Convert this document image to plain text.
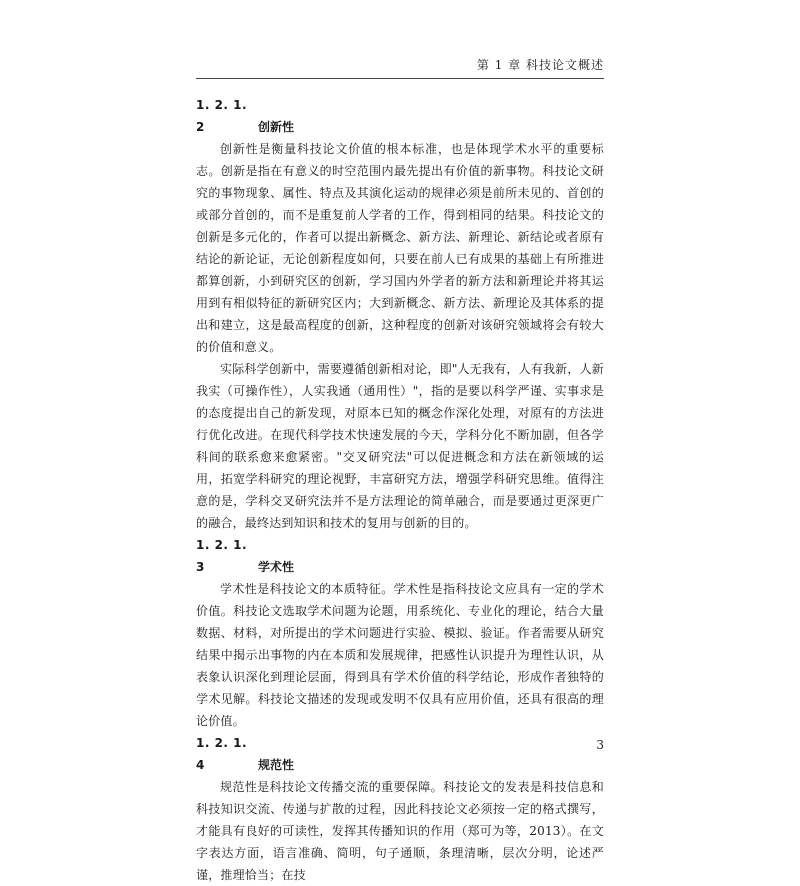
第 1 章 科技论文概述
1. 2. 1. 2	创新性

创新性是衡量科技论文价值的根本标准，也是体现学术水平的重要标志。创新是指在有意义的时空范围内最先提出有价值的新事物。科技论文研究的事物现象、属性、特点及其演化运动的规律必须是前所未见的、首创的或部分首创的，而不是重复前人学者的工作，得到相同的结果。科技论文的创新是多元化的，作者可以提出新概念、新方法、新理论、新结论或者原有结论的新论证，无论创新程度如何，只要在前人已有成果的基础上有所推进都算创新，小到研究区的创新，学习国内外学者的新方法和新理论并将其运用到有相似特征的新研究区内；大到新概念、新方法、新理论及其体系的提出和建立，这是最高程度的创新，这种程度的创新对该研究领域将会有较大的价值和意义。

实际科学创新中，需要遵循创新相对论，即"人无我有，人有我新，人新我实（可操作性），人实我通（通用性）"，指的是要以科学严谨、实事求是的态度提出自己的新发现，对原本已知的概念作深化处理，对原有的方法进行优化改进。在现代科学技术快速发展的今天，学科分化不断加剧，但各学科间的联系愈来愈紧密。"交叉研究法"可以促进概念和方法在新领域的运用，拓宽学科研究的理论视野，丰富研究方法，增强学科研究思维。值得注意的是，学科交叉研究法并不是方法理论的简单融合，而是要通过更深更广的融合，最终达到知识和技术的复用与创新的目的。

1. 2. 1. 3	学术性

学术性是科技论文的本质特征。学术性是指科技论文应具有一定的学术价值。科技论文选取学术问题为论题，用系统化、专业化的理论，结合大量数据、材料，对所提出的学术问题进行实验、模拟、验证。作者需要从研究结果中揭示出事物的内在本质和发展规律，把感性认识提升为理性认识，从表象认识深化到理论层面，得到具有学术价值的科学结论，形成作者独特的学术见解。科技论文描述的发现或发明不仅具有应用价值，还具有很高的理论价值。

1. 2. 1. 4	规范性

规范性是科技论文传播交流的重要保障。科技论文的发表是科技信息和科技知识交流、传递与扩散的过程，因此科技论文必须按一定的格式撰写，才能具有良好的可读性，发挥其传播知识的作用（郑可为等，2013）。在文字表达方面，语言准确、简明，句子通顺，条理清晰，层次分明，论述严谨，推理恰当；在技

3
